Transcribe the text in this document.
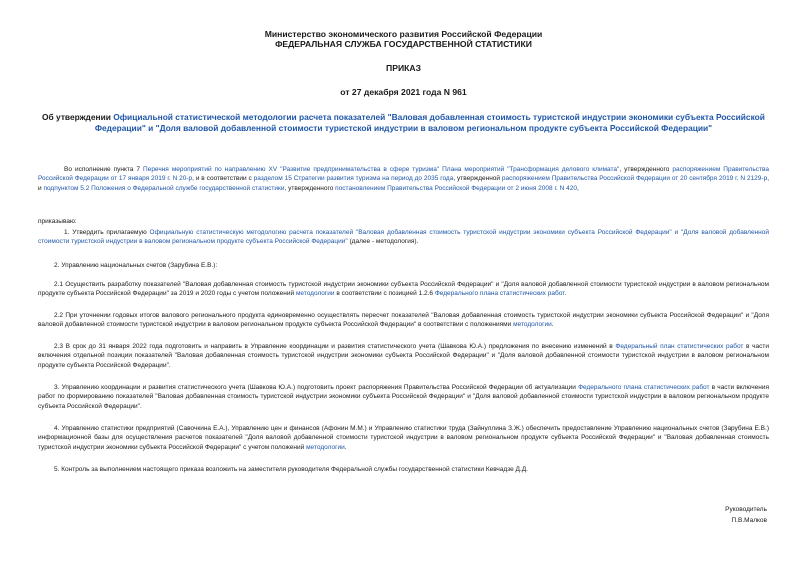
Министерство экономического развития Российской Федерации
ФЕДЕРАЛЬНАЯ СЛУЖБА ГОСУДАРСТВЕННОЙ СТАТИСТИКИ
ПРИКАЗ
от 27 декабря 2021 года N 961
Об утверждении Официальной статистической методологии расчета показателей "Валовая добавленная стоимость туристской индустрии экономики субъекта Российской Федерации" и "Доля валовой добавленной стоимости туристской индустрии в валовом региональном продукте субъекта Российской Федерации"
Во исполнение пункта 7 Перечня мероприятий по направлению XV "Развитие предпринимательства в сфере туризма" Плана мероприятий "Трансформация делового климата", утвержденного распоряжением Правительства Российской Федерации от 17 января 2019 г. N 20-р, и в соответствии с разделом 15 Стратегии развития туризма на период до 2035 года, утвержденной распоряжением Правительства Российской Федерации от 20 сентября 2019 г. N 2129-р, и подпунктом 5.2 Положения о Федеральной службе государственной статистики, утвержденного постановлением Правительства Российской Федерации от 2 июня 2008 г. N 420,
приказываю:
1. Утвердить прилагаемую Официальную статистическую методологию расчета показателей "Валовая добавленная стоимость туристской индустрии экономики субъекта Российской Федерации" и "Доля валовой добавленной стоимости туристской индустрии в валовом региональном продукте субъекта Российской Федерации" (далее - методология).
2. Управлению национальных счетов (Зарубина Е.В.):
2.1 Осуществить разработку показателей "Валовая добавленная стоимость туристской индустрии экономики субъекта Российской Федерации" и "Доля валовой добавленной стоимости туристской индустрии в валовом региональном продукте субъекта Российской Федерации" за 2019 и 2020 годы с учетом положений методологии в соответствии с позицией 1.2.6 Федерального плана статистических работ.
2.2 При уточнении годовых итогов валового регионального продукта единовременно осуществлять пересчет показателей "Валовая добавленная стоимость туристской индустрии экономики субъекта Российской Федерации" и "Доля валовой добавленной стоимости туристской индустрии в валовом региональном продукте субъекта Российской Федерации" в соответствии с положениями методологии.
2.3 В срок до 31 января 2022 года подготовить и направить в Управление координации и развития статистического учета (Шавкова Ю.А.) предложения по внесению изменений в Федеральный план статистических работ в части включения отдельной позиции показателей "Валовая добавленная стоимость туристской индустрии экономики субъекта Российской Федерации" и "Доля валовой добавленной стоимости туристской индустрии в валовом региональном продукте субъекта Российской Федерации".
3. Управлению координации и развития статистического учета (Шавкова Ю.А.) подготовить проект распоряжения Правительства Российской Федерации об актуализации Федерального плана статистических работ в части включения работ по формированию показателей "Валовая добавленная стоимость туристской индустрии экономики субъекта Российской Федерации" и "Доля валовой добавленной стоимости туристской индустрии в валовом региональном продукте субъекта Российской Федерации".
4. Управлению статистики предприятий (Савочкина Е.А.), Управлению цен и финансов (Афонин М.М.) и Управлению статистики труда (Зайнуллина З.Ж.) обеспечить предоставление Управлению национальных счетов (Зарубина Е.В.) информационной базы для осуществления расчетов показателей "Доля валовой добавленной стоимости туристской индустрии в валовом региональном продукте субъекта Российской Федерации" и "Валовая добавленная стоимость туристской индустрии экономики субъекта Российской Федерации" с учетом положений методологии.
5. Контроль за выполнением настоящего приказа возложить на заместителя руководителя Федеральной службы государственной статистики Кевчадзе Д.Д.
Руководитель
П.В.Малков
